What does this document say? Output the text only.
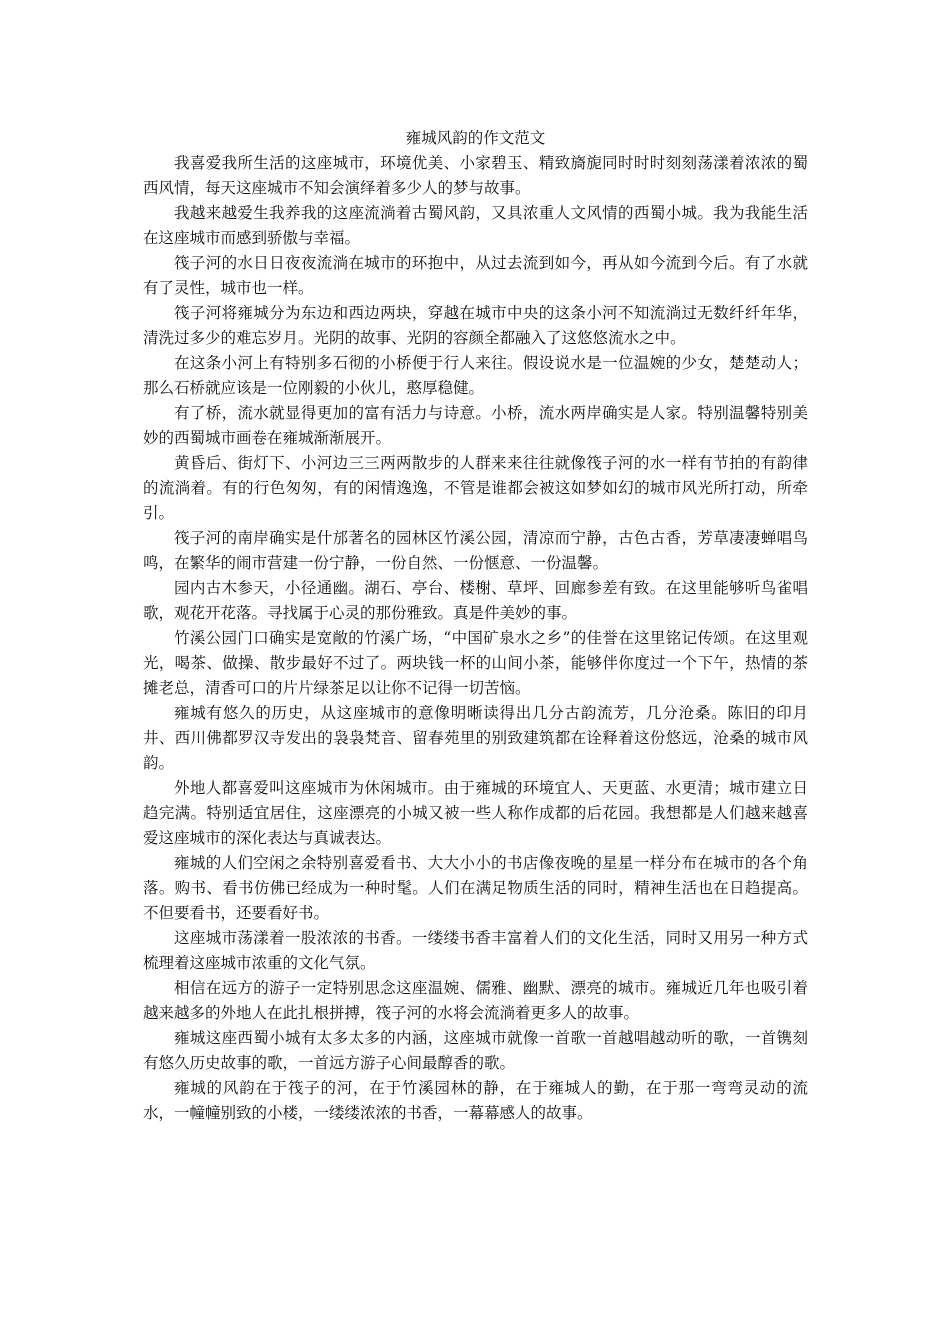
雍城风韵的作文范文

我喜爱我所生活的这座城市，环境优美、小家碧玉、精致旖旎同时时时刻刻荡漾着浓浓的蜀西风情，每天这座城市不知会演绎着多少人的梦与故事。

我越来越爱生我养我的这座流淌着古蜀风韵，又具浓重人文风情的西蜀小城。我为我能生活在这座城市而感到骄傲与幸福。

筏子河的水日日夜夜流淌在城市的环抱中，从过去流到如今，再从如今流到今后。有了水就有了灵性，城市也一样。

筏子河将雍城分为东边和西边两块，穿越在城市中央的这条小河不知流淌过无数纤纤年华，清洗过多少的难忘岁月。光阴的故事、光阴的容颜全都融入了这悠悠流水之中。

在这条小河上有特别多石彻的小桥便于行人来往。假设说水是一位温婉的少女，楚楚动人；那么石桥就应该是一位刚毅的小伙儿，憨厚稳健。

有了桥，流水就显得更加的富有活力与诗意。小桥，流水两岸确实是人家。特别温馨特别美妙的西蜀城市画卷在雍城渐渐展开。

黄昏后、街灯下、小河边三三两两散步的人群来来往往就像筏子河的水一样有节拍的有韵律的流淌着。有的行色匆匆，有的闲情逸逸，不管是谁都会被这如梦如幻的城市风光所打动，所牵引。

筏子河的南岸确实是什邡著名的园林区竹溪公园，清凉而宁静，古色古香，芳草凄凄蝉唱鸟鸣，在繁华的闹市营建一份宁静，一份自然、一份惬意、一份温馨。

园内古木参天，小径通幽。湖石、亭台、楼榭、草坪、回廊参差有致。在这里能够听鸟雀唱歌，观花开花落。寻找属于心灵的那份雅致。真是件美妙的事。

竹溪公园门口确实是宽敞的竹溪广场，“中国矿泉水之乡”的佳誉在这里铭记传颂。在这里观光，喝茶、做操、散步最好不过了。两块钱一杯的山间小茶，能够伴你度过一个下午，热情的茶摊老总，清香可口的片片绿茶足以让你不记得一切苦恼。

雍城有悠久的历史，从这座城市的意像明晰读得出几分古韵流芳，几分沧桑。陈旧的印月井、西川佛都罗汉寺发出的袅袅梵音、留春苑里的别致建筑都在诠释着这份悠远，沧桑的城市风韵。

外地人都喜爱叫这座城市为休闲城市。由于雍城的环境宜人、天更蓝、水更清；城市建立日趋完满。特别适宜居住，这座漂亮的小城又被一些人称作成都的后花园。我想都是人们越来越喜爱这座城市的深化表达与真诚表达。

雍城的人们空闲之余特别喜爱看书、大大小小的书店像夜晚的星星一样分布在城市的各个角落。购书、看书仿佛已经成为一种时髦。人们在满足物质生活的同时，精神生活也在日趋提高。不但要看书，还要看好书。

这座城市荡漾着一股浓浓的书香。一缕缕书香丰富着人们的文化生活，同时又用另一种方式梳理着这座城市浓重的文化气氛。

相信在远方的游子一定特别思念这座温婉、儒雅、幽默、漂亮的城市。雍城近几年也吸引着越来越多的外地人在此扎根拼搏，筏子河的水将会流淌着更多人的故事。

雍城这座西蜀小城有太多太多的内涵，这座城市就像一首歌一首越唱越动听的歌，一首镌刻有悠久历史故事的歌，一首远方游子心间最醇香的歌。

雍城的风韵在于筏子的河，在于竹溪园林的静，在于雍城人的勤，在于那一弯弯灵动的流水，一幢幢别致的小楼，一缕缕浓浓的书香，一幕幕感人的故事。
